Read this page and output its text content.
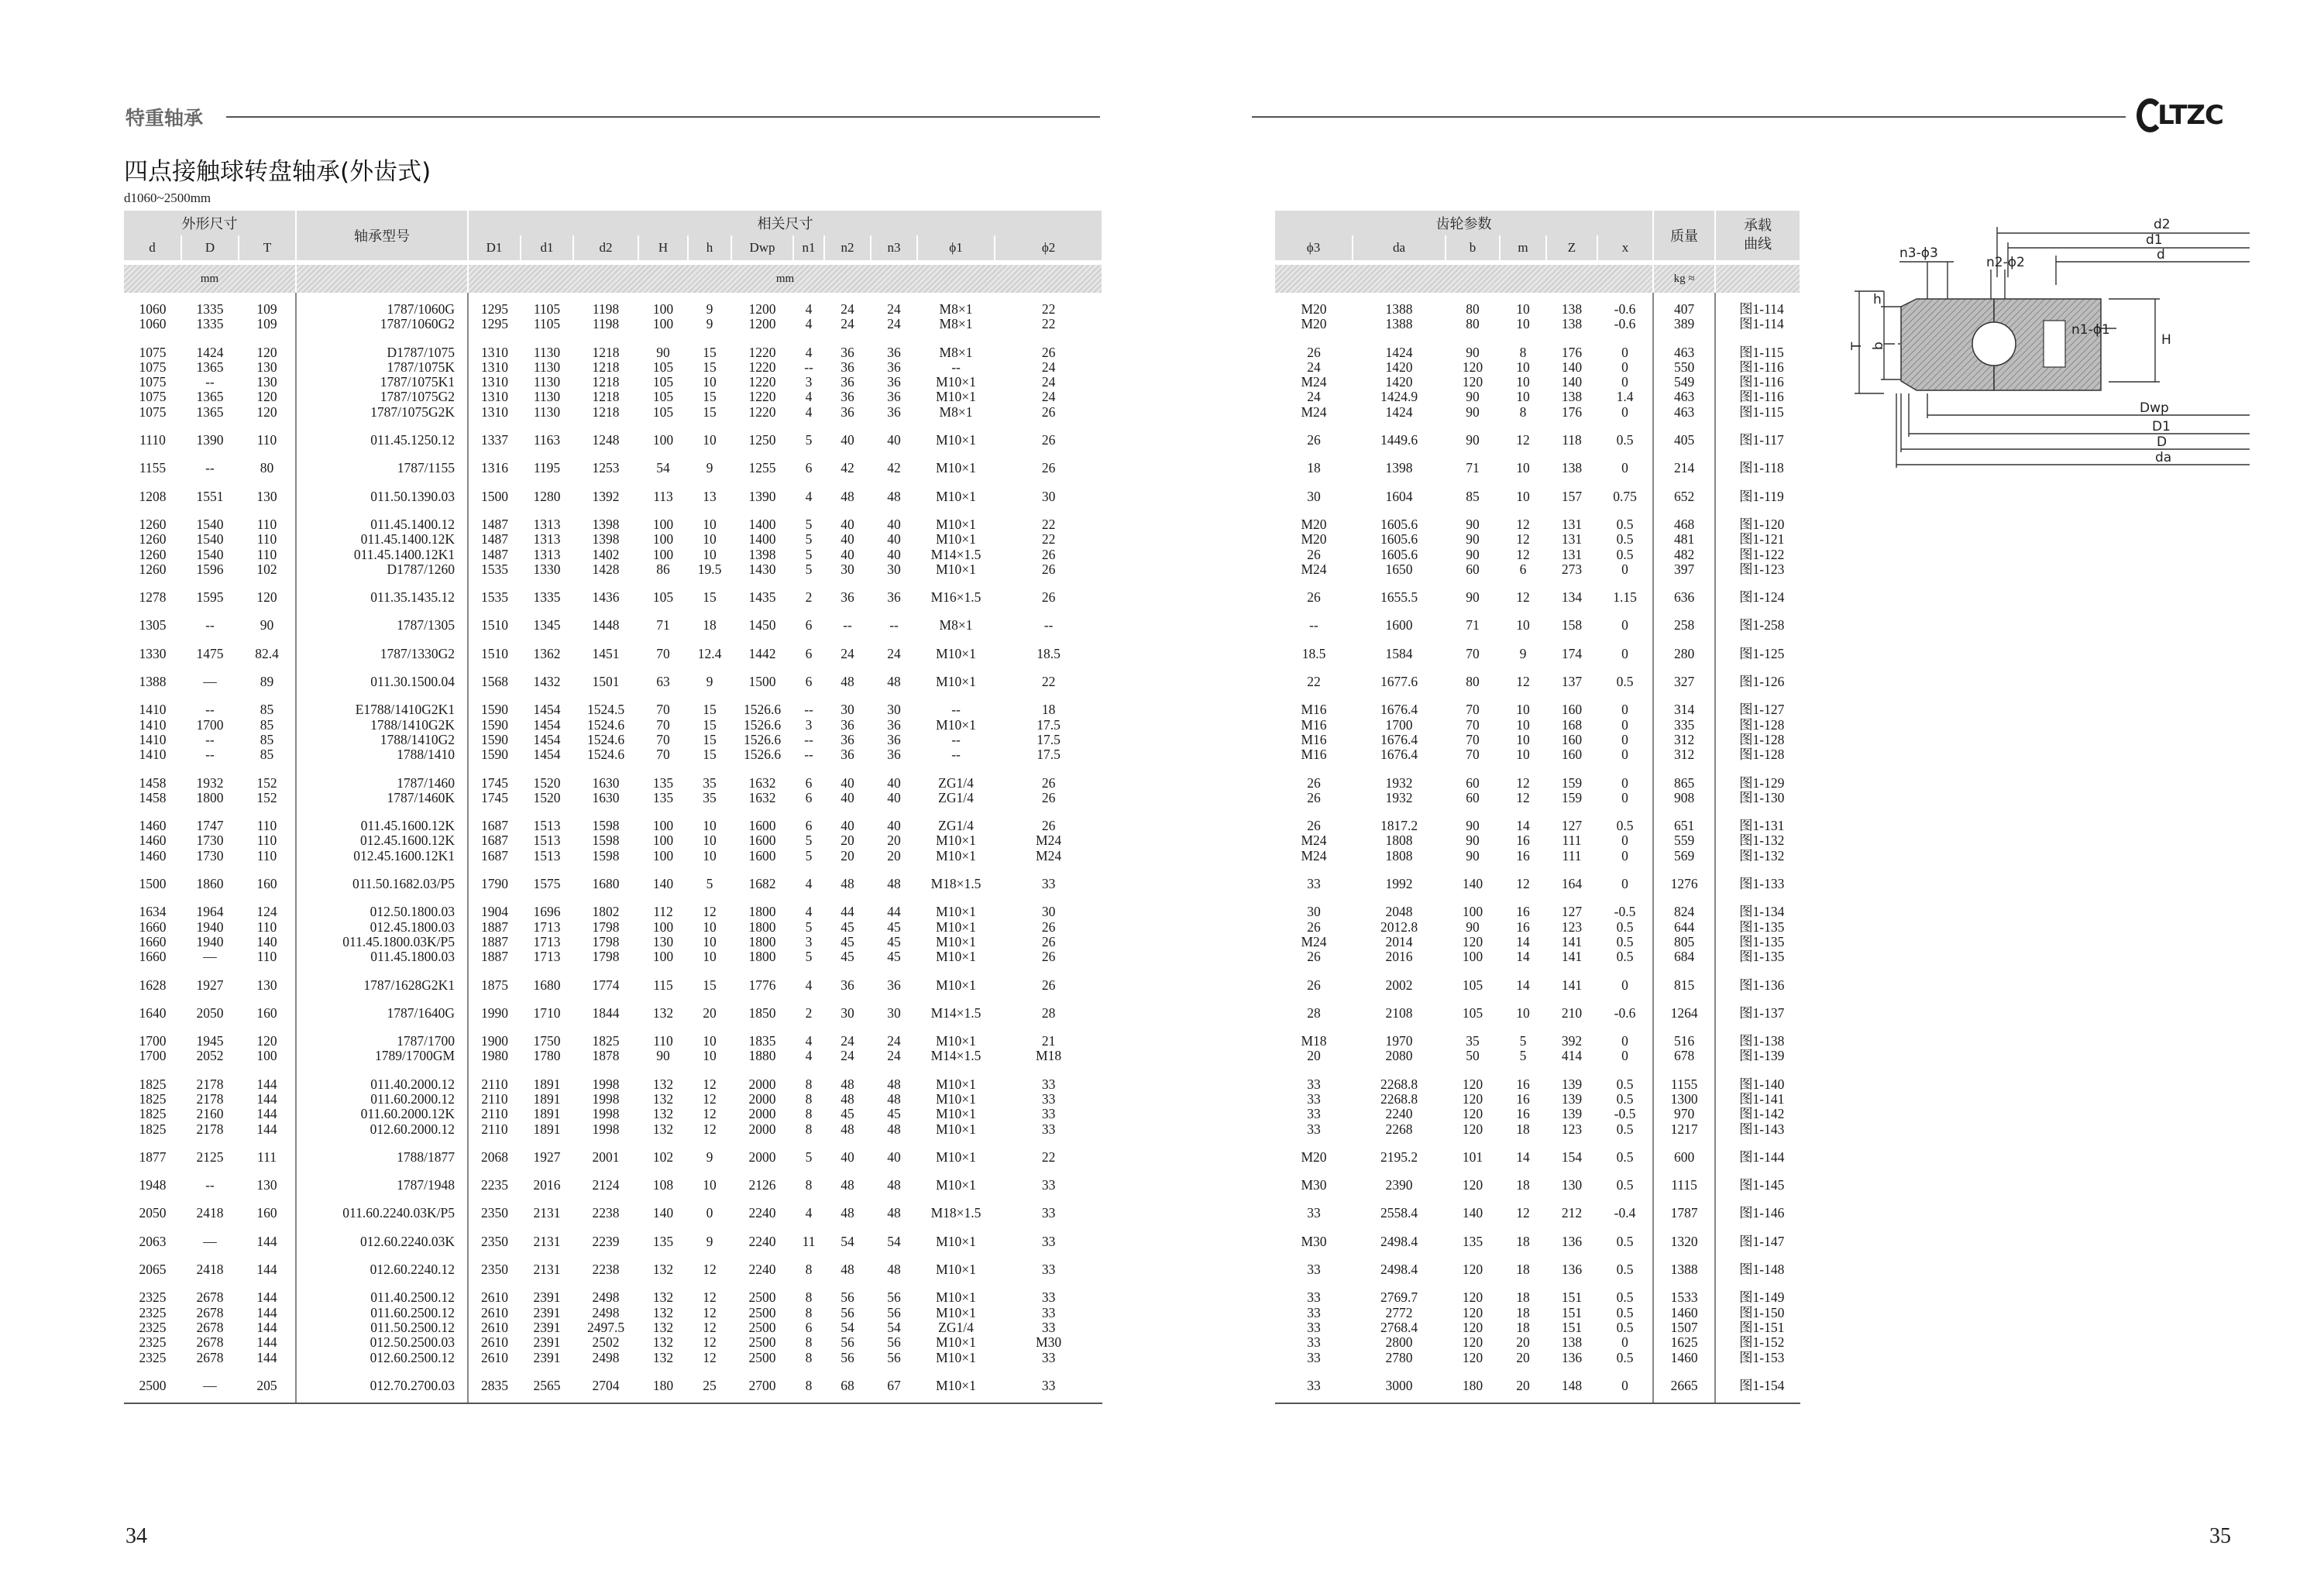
特重轴承	LTZC
四点接触球转盘轴承(外齿式)
d1060~2500mm
外形尺寸			轴承型号	相关尺寸										
d	D	T		D1	d1	d2	H	h	Dwp	n1	n2	n3	ϕ1	ϕ2
mm				mm										
1060	1335	109	1787/1060G	1295	1105	1198	100	9	1200	4	24	24	M8×1	22
1060	1335	109	1787/1060G2	1295	1105	1198	100	9	1200	4	24	24	M8×1	22
1075	1424	120	D1787/1075	1310	1130	1218	90	15	1220	4	36	36	M8×1	26
1075	1365	130	1787/1075K	1310	1130	1218	105	15	1220	--	36	36	--	24
1075	--	130	1787/1075K1	1310	1130	1218	105	10	1220	3	36	36	M10×1	24
1075	1365	120	1787/1075G2	1310	1130	1218	105	15	1220	4	36	36	M10×1	24
1075	1365	120	1787/1075G2K	1310	1130	1218	105	15	1220	4	36	36	M8×1	26
1110	1390	110	011.45.1250.12	1337	1163	1248	100	10	1250	5	40	40	M10×1	26
1155	--	80	1787/1155	1316	1195	1253	54	9	1255	6	42	42	M10×1	26
1208	1551	130	011.50.1390.03	1500	1280	1392	113	13	1390	4	48	48	M10×1	30
1260	1540	110	011.45.1400.12	1487	1313	1398	100	10	1400	5	40	40	M10×1	22
1260	1540	110	011.45.1400.12K	1487	1313	1398	100	10	1400	5	40	40	M10×1	22
1260	1540	110	011.45.1400.12K1	1487	1313	1402	100	10	1398	5	40	40	M14×1.5	26
1260	1596	102	D1787/1260	1535	1330	1428	86	19.5	1430	5	30	30	M10×1	26
1278	1595	120	011.35.1435.12	1535	1335	1436	105	15	1435	2	36	36	M16×1.5	26
1305	--	90	1787/1305	1510	1345	1448	71	18	1450	6	--	--	M8×1	--
1330	1475	82.4	1787/1330G2	1510	1362	1451	70	12.4	1442	6	24	24	M10×1	18.5
1388	—	89	011.30.1500.04	1568	1432	1501	63	9	1500	6	48	48	M10×1	22
1410	--	85	E1788/1410G2K1	1590	1454	1524.5	70	15	1526.6	--	30	30	--	18
1410	1700	85	1788/1410G2K	1590	1454	1524.6	70	15	1526.6	3	36	36	M10×1	17.5
1410	--	85	1788/1410G2	1590	1454	1524.6	70	15	1526.6	--	36	36	--	17.5
1410	--	85	1788/1410	1590	1454	1524.6	70	15	1526.6	--	36	36	--	17.5
1458	1932	152	1787/1460	1745	1520	1630	135	35	1632	6	40	40	ZG1/4	26
1458	1800	152	1787/1460K	1745	1520	1630	135	35	1632	6	40	40	ZG1/4	26
1460	1747	110	011.45.1600.12K	1687	1513	1598	100	10	1600	6	40	40	ZG1/4	26
1460	1730	110	012.45.1600.12K	1687	1513	1598	100	10	1600	5	20	20	M10×1	M24
1460	1730	110	012.45.1600.12K1	1687	1513	1598	100	10	1600	5	20	20	M10×1	M24
1500	1860	160	011.50.1682.03/P5	1790	1575	1680	140	5	1682	4	48	48	M18×1.5	33
1634	1964	124	012.50.1800.03	1904	1696	1802	112	12	1800	4	44	44	M10×1	30
1660	1940	110	012.45.1800.03	1887	1713	1798	100	10	1800	5	45	45	M10×1	26
1660	1940	140	011.45.1800.03K/P5	1887	1713	1798	130	10	1800	3	45	45	M10×1	26
1660	—	110	011.45.1800.03	1887	1713	1798	100	10	1800	5	45	45	M10×1	26
1628	1927	130	1787/1628G2K1	1875	1680	1774	115	15	1776	4	36	36	M10×1	26
1640	2050	160	1787/1640G	1990	1710	1844	132	20	1850	2	30	30	M14×1.5	28
1700	1945	120	1787/1700	1900	1750	1825	110	10	1835	4	24	24	M10×1	21
1700	2052	100	1789/1700GM	1980	1780	1878	90	10	1880	4	24	24	M14×1.5	M18
1825	2178	144	011.40.2000.12	2110	1891	1998	132	12	2000	8	48	48	M10×1	33
1825	2178	144	011.60.2000.12	2110	1891	1998	132	12	2000	8	48	48	M10×1	33
1825	2160	144	011.60.2000.12K	2110	1891	1998	132	12	2000	8	45	45	M10×1	33
1825	2178	144	012.60.2000.12	2110	1891	1998	132	12	2000	8	48	48	M10×1	33
1877	2125	111	1788/1877	2068	1927	2001	102	9	2000	5	40	40	M10×1	22
1948	--	130	1787/1948	2235	2016	2124	108	10	2126	8	48	48	M10×1	33
2050	2418	160	011.60.2240.03K/P5	2350	2131	2238	140	0	2240	4	48	48	M18×1.5	33
2063	—	144	012.60.2240.03K	2350	2131	2239	135	9	2240	11	54	54	M10×1	33
2065	2418	144	012.60.2240.12	2350	2131	2238	132	12	2240	8	48	48	M10×1	33
2325	2678	144	011.40.2500.12	2610	2391	2498	132	12	2500	8	56	56	M10×1	33
2325	2678	144	011.60.2500.12	2610	2391	2498	132	12	2500	8	56	56	M10×1	33
2325	2678	144	011.50.2500.12	2610	2391	2497.5	132	12	2500	6	54	54	ZG1/4	33
2325	2678	144	012.50.2500.03	2610	2391	2502	132	12	2500	8	56	56	M10×1	M30
2325	2678	144	012.60.2500.12	2610	2391	2498	132	12	2500	8	56	56	M10×1	33
2500	—	205	012.70.2700.03	2835	2565	2704	180	25	2700	8	68	67	M10×1	33
齿轮参数						质量	承载曲线
ϕ3	da	b	m	Z	x		
						kg ≈	
M20	1388	80	10	138	-0.6	407	图1-114
M20	1388	80	10	138	-0.6	389	图1-114
26	1424	90	8	176	0	463	图1-115
24	1420	120	10	140	0	550	图1-116
M24	1420	120	10	140	0	549	图1-116
24	1424.9	90	10	138	1.4	463	图1-116
M24	1424	90	8	176	0	463	图1-115
26	1449.6	90	12	118	0.5	405	图1-117
18	1398	71	10	138	0	214	图1-118
30	1604	85	10	157	0.75	652	图1-119
M20	1605.6	90	12	131	0.5	468	图1-120
M20	1605.6	90	12	131	0.5	481	图1-121
26	1605.6	90	12	131	0.5	482	图1-122
M24	1650	60	6	273	0	397	图1-123
26	1655.5	90	12	134	1.15	636	图1-124
--	1600	71	10	158	0	258	图1-258
18.5	1584	70	9	174	0	280	图1-125
22	1677.6	80	12	137	0.5	327	图1-126
M16	1676.4	70	10	160	0	314	图1-127
M16	1700	70	10	168	0	335	图1-128
M16	1676.4	70	10	160	0	312	图1-128
M16	1676.4	70	10	160	0	312	图1-128
26	1932	60	12	159	0	865	图1-129
26	1932	60	12	159	0	908	图1-130
26	1817.2	90	14	127	0.5	651	图1-131
M24	1808	90	16	111	0	559	图1-132
M24	1808	90	16	111	0	569	图1-132
33	1992	140	12	164	0	1276	图1-133
30	2048	100	16	127	-0.5	824	图1-134
26	2012.8	90	16	123	0.5	644	图1-135
M24	2014	120	14	141	0.5	805	图1-135
26	2016	100	14	141	0.5	684	图1-135
26	2002	105	14	141	0	815	图1-136
28	2108	105	10	210	-0.6	1264	图1-137
M18	1970	35	5	392	0	516	图1-138
20	2080	50	5	414	0	678	图1-139
33	2268.8	120	16	139	0.5	1155	图1-140
33	2268.8	120	16	139	0.5	1300	图1-141
33	2240	120	16	139	-0.5	970	图1-142
33	2268	120	18	123	0.5	1217	图1-143
M20	2195.2	101	14	154	0.5	600	图1-144
M30	2390	120	18	130	0.5	1115	图1-145
33	2558.4	140	12	212	-0.4	1787	图1-146
M30	2498.4	135	18	136	0.5	1320	图1-147
33	2498.4	120	18	136	0.5	1388	图1-148
33	2769.7	120	18	151	0.5	1533	图1-149
33	2772	120	18	151	0.5	1460	图1-150
33	2768.4	120	18	151	0.5	1507	图1-151
33	2800	120	20	138	0	1625	图1-152
33	2780	120	20	136	0.5	1460	图1-153
33	3000	180	20	148	0	2665	图1-154
d2
d1
d
n3-ϕ3
n2-ϕ2
n1-ϕ1
T
h
b	H
Dwp
D1
D
da
34	35
